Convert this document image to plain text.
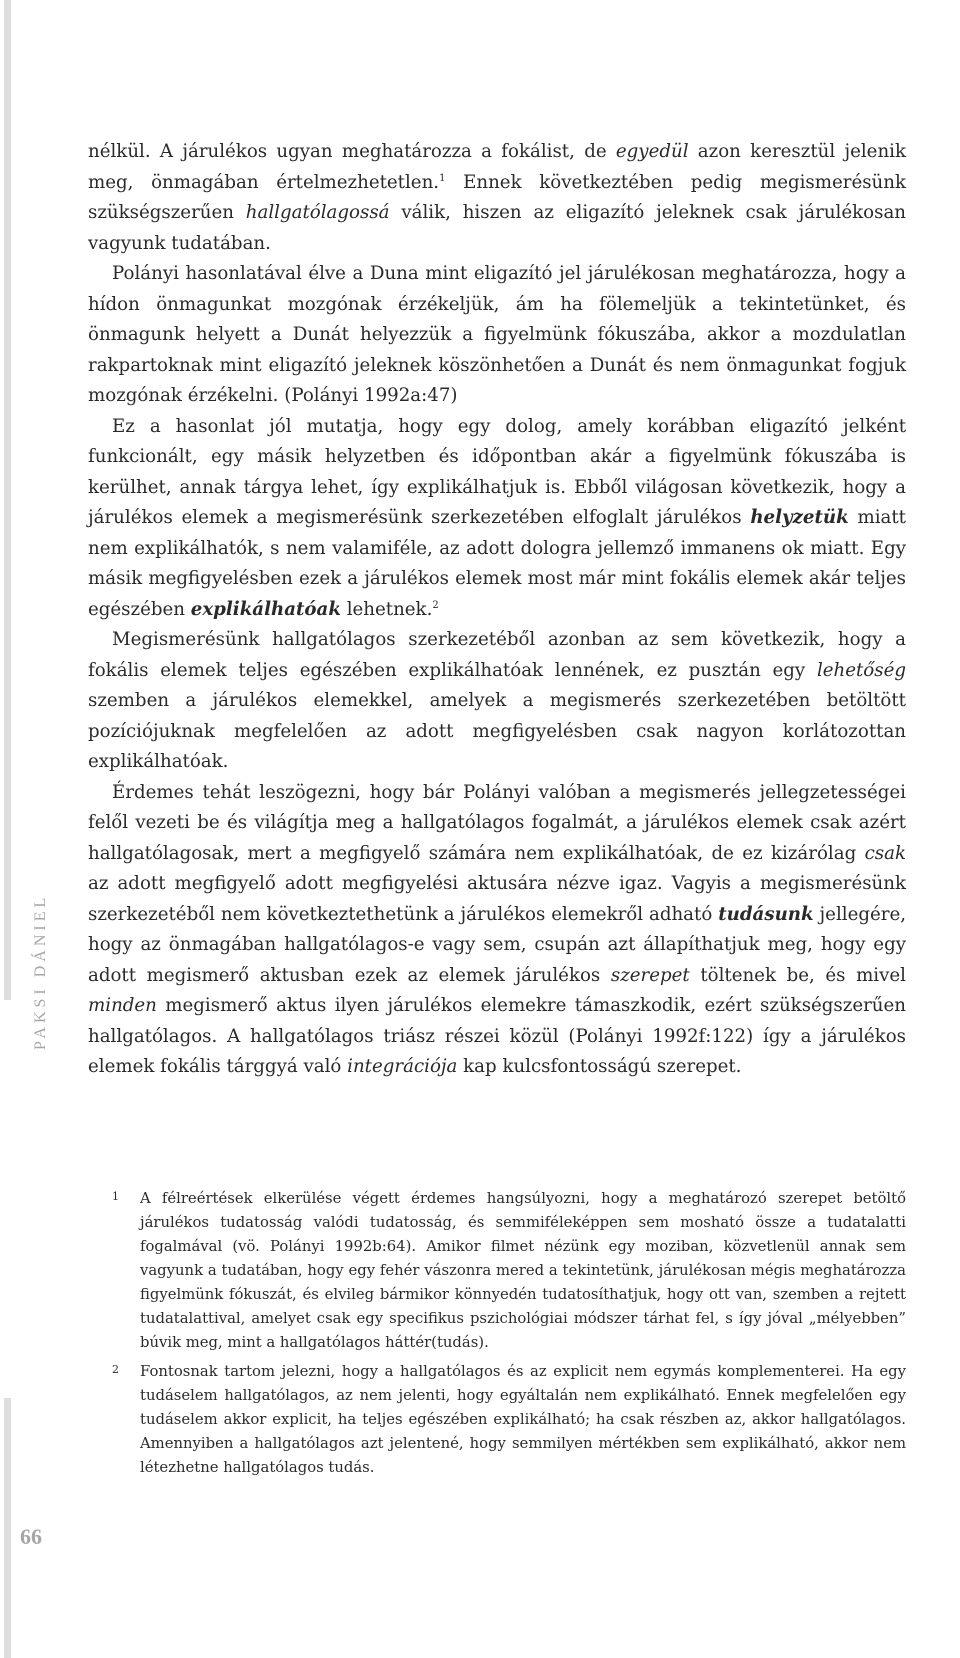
PAKSI DÁNIEL
66

nélkül. A járulékos ugyan meghatározza a fokálist, de egyedül azon keresztül jelenik meg, önmagában értelmezhetetlen.$^1$ Ennek következtében pedig megismerésünk szükségszerűen hallgatólagossá válik, hiszen az eligazító jeleknek csak járulékosan vagyunk tudatában.

Polányi hasonlatával élve a Duna mint eligazító jel járulékosan meghatározza, hogy a hídon önmagunkat mozgónak érzékeljük, ám ha fölemeljük a tekintetünket, és önmagunk helyett a Dunát helyezzük a figyelmünk fókuszába, akkor a mozdulatlan rakpartoknak mint eligazító jeleknek köszönhetően a Dunát és nem önmagunkat fogjuk mozgónak érzékelni. (Polányi 1992a:47)

Ez a hasonlat jól mutatja, hogy egy dolog, amely korábban eligazító jelként funkcionált, egy másik helyzetben és időpontban akár a figyelmünk fókuszába is kerülhet, annak tárgya lehet, így explikálhatjuk is. Ebből világosan következik, hogy a járulékos elemek a megismerésünk szerkezetében elfoglalt járulékos helyzetük miatt nem explikálhatók, s nem valamiféle, az adott dologra jellemző immanens ok miatt. Egy másik megfigyelésben ezek a járulékos elemek most már mint fokális elemek akár teljes egészében explikálhatóak lehetnek.$^2$

Megismerésünk hallgatólagos szerkezetéből azonban az sem következik, hogy a fokális elemek teljes egészében explikálhatóak lennének, ez pusztán egy lehetőség szemben a járulékos elemekkel, amelyek a megismerés szerkezetében betöltött pozíciójuknak megfelelően az adott megfigyelésben csak nagyon korlátozottan explikálhatóak.

Érdemes tehát leszögezni, hogy bár Polányi valóban a megismerés jellegzetességei felől vezeti be és világítja meg a hallgatólagos fogalmát, a járulékos elemek csak azért hallgatólagosak, mert a megfigyelő számára nem explikálhatóak, de ez kizárólag csak az adott megfigyelő adott megfigyelési aktusára nézve igaz. Vagyis a megismerésünk szerkezetéből nem következtethetünk a járulékos elemekről adható tudásunk jellegére, hogy az önmagában hallgatólagos-e vagy sem, csupán azt állapíthatjuk meg, hogy egy adott megismerő aktusban ezek az elemek járulékos szerepet töltenek be, és mivel minden megismerő aktus ilyen járulékos elemekre támaszkodik, ezért szükségszerűen hallgatólagos. A hallgatólagos triász részei közül (Polányi 1992f:122) így a járulékos elemek fokális tárggyá való integrációja kap kulcsfontosságú szerepet.

1 A félreértések elkerülése végett érdemes hangsúlyozni, hogy a meghatározó szerepet betöltő járulékos tudatosság valódi tudatosság, és semmiféleképpen sem mosható össze a tudatalatti fogalmával (vö. Polányi 1992b:64). Amikor filmet nézünk egy moziban, közvetlenül annak sem vagyunk a tudatában, hogy egy fehér vászonra mered a tekintetünk, járulékosan mégis meghatározza figyelmünk fókuszát, és elvileg bármikor könnyedén tudatosíthatjuk, hogy ott van, szemben a rejtett tudatalattival, amelyet csak egy specifikus pszichológiai módszer tárhat fel, s így jóval „mélyebben” búvik meg, mint a hallgatólagos háttér(tudás).
2 Fontosnak tartom jelezni, hogy a hallgatólagos és az explicit nem egymás komplementerei. Ha egy tudáselem hallgatólagos, az nem jelenti, hogy egyáltalán nem explikálható. Ennek megfelelően egy tudáselem akkor explicit, ha teljes egészében explikálható; ha csak részben az, akkor hallgatólagos. Amennyiben a hallgatólagos azt jelentené, hogy semmilyen mértékben sem explikálható, akkor nem létezhetne hallgatólagos tudás.
